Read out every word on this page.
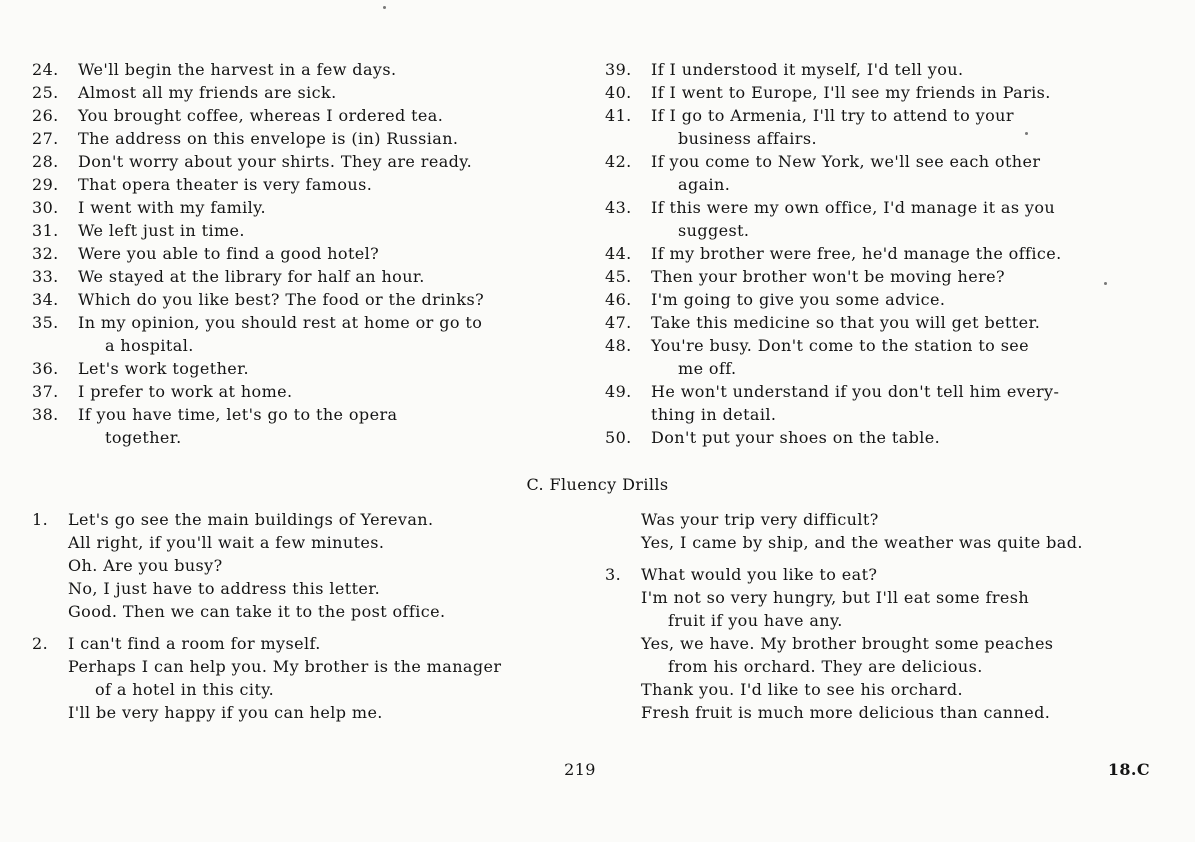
24.	We'll begin the harvest in a few days.
25.	Almost all my friends are sick.
26.	You brought coffee, whereas I ordered tea.
27.	The address on this envelope is (in) Russian.
28.	Don't worry about your shirts. They are ready.
29.	That opera theater is very famous.
30.	I went with my family.
31.	We left just in time.
32.	Were you able to find a good hotel?
33.	We stayed at the library for half an hour.
34.	Which do you like best? The food or the drinks?
35.	In my opinion, you should rest at home or go to
a hospital.
36.	Let's work together.
37.	I prefer to work at home.
38.	If you have time, let's go to the opera
together.
39.	If I understood it myself, I'd tell you.
40.	If I went to Europe, I'll see my friends in Paris.
41.	If I go to Armenia, I'll try to attend to your
business affairs.
42.	If you come to New York, we'll see each other
again.
43.	If this were my own office, I'd manage it as you
suggest.
44.	If my brother were free, he'd manage the office.
45.	Then your brother won't be moving here?
46.	I'm going to give you some advice.
47.	Take this medicine so that you will get better.
48.	You're busy. Don't come to the station to see
me off.
49.	He won't understand if you don't tell him every-
thing in detail.
50.	Don't put your shoes on the table.
C. Fluency Drills
1.	Let's go see the main buildings of Yerevan.
All right, if you'll wait a few minutes.
Oh. Are you busy?
No, I just have to address this letter.
Good. Then we can take it to the post office.
2.	I can't find a room for myself.
Perhaps I can help you. My brother is the manager
of a hotel in this city.
I'll be very happy if you can help me.
Was your trip very difficult?
Yes, I came by ship, and the weather was quite bad.
3.	What would you like to eat?
I'm not so very hungry, but I'll eat some fresh
fruit if you have any.
Yes, we have. My brother brought some peaches
from his orchard. They are delicious.
Thank you. I'd like to see his orchard.
Fresh fruit is much more delicious than canned.
219	18.C
